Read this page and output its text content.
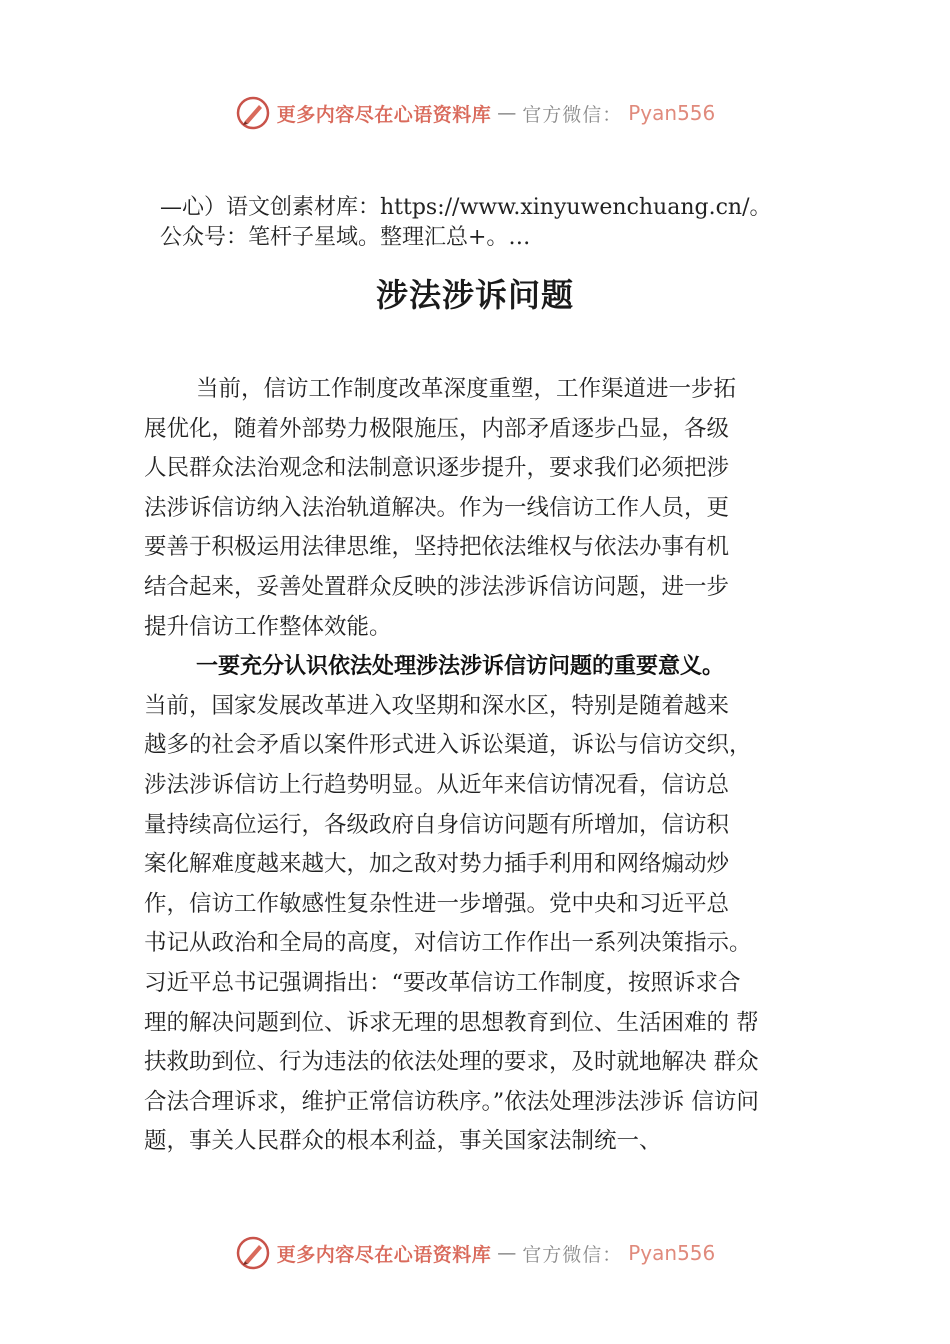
更多内容尽在心语资料库 — 官方微信： Pyan556
—心）语文创素材库：https://www.xinyuwenchuang.cn/。
公众号：笔杆子星域。整理汇总+。…
涉法涉诉问题
当前，信访工作制度改革深度重塑，工作渠道进一步拓
展优化，随着外部势力极限施压，内部矛盾逐步凸显，各级
人民群众法治观念和法制意识逐步提升，要求我们必须把涉
法涉诉信访纳入法治轨道解决。作为一线信访工作人员，更
要善于积极运用法律思维，坚持把依法维权与依法办事有机
结合起来，妥善处置群众反映的涉法涉诉信访问题，进一步
提升信访工作整体效能。
一要充分认识依法处理涉法涉诉信访问题的重要意义。
当前，国家发展改革进入攻坚期和深水区，特别是随着越来
越多的社会矛盾以案件形式进入诉讼渠道，诉讼与信访交织，
涉法涉诉信访上行趋势明显。从近年来信访情况看，信访总
量持续高位运行，各级政府自身信访问题有所增加，信访积
案化解难度越来越大，加之敌对势力插手利用和网络煽动炒
作，信访工作敏感性复杂性进一步增强。党中央和习近平总
书记从政治和全局的高度，对信访工作作出一系列决策指示。
习近平总书记强调指出：“要改革信访工作制度，按照诉求合
理的解决问题到位、诉求无理的思想教育到位、生活困难的 帮
扶救助到位、行为违法的依法处理的要求，及时就地解决 群众
合法合理诉求，维护正常信访秩序。”依法处理涉法涉诉 信访问
题，事关人民群众的根本利益，事关国家法制统一、
更多内容尽在心语资料库 — 官方微信： Pyan556
